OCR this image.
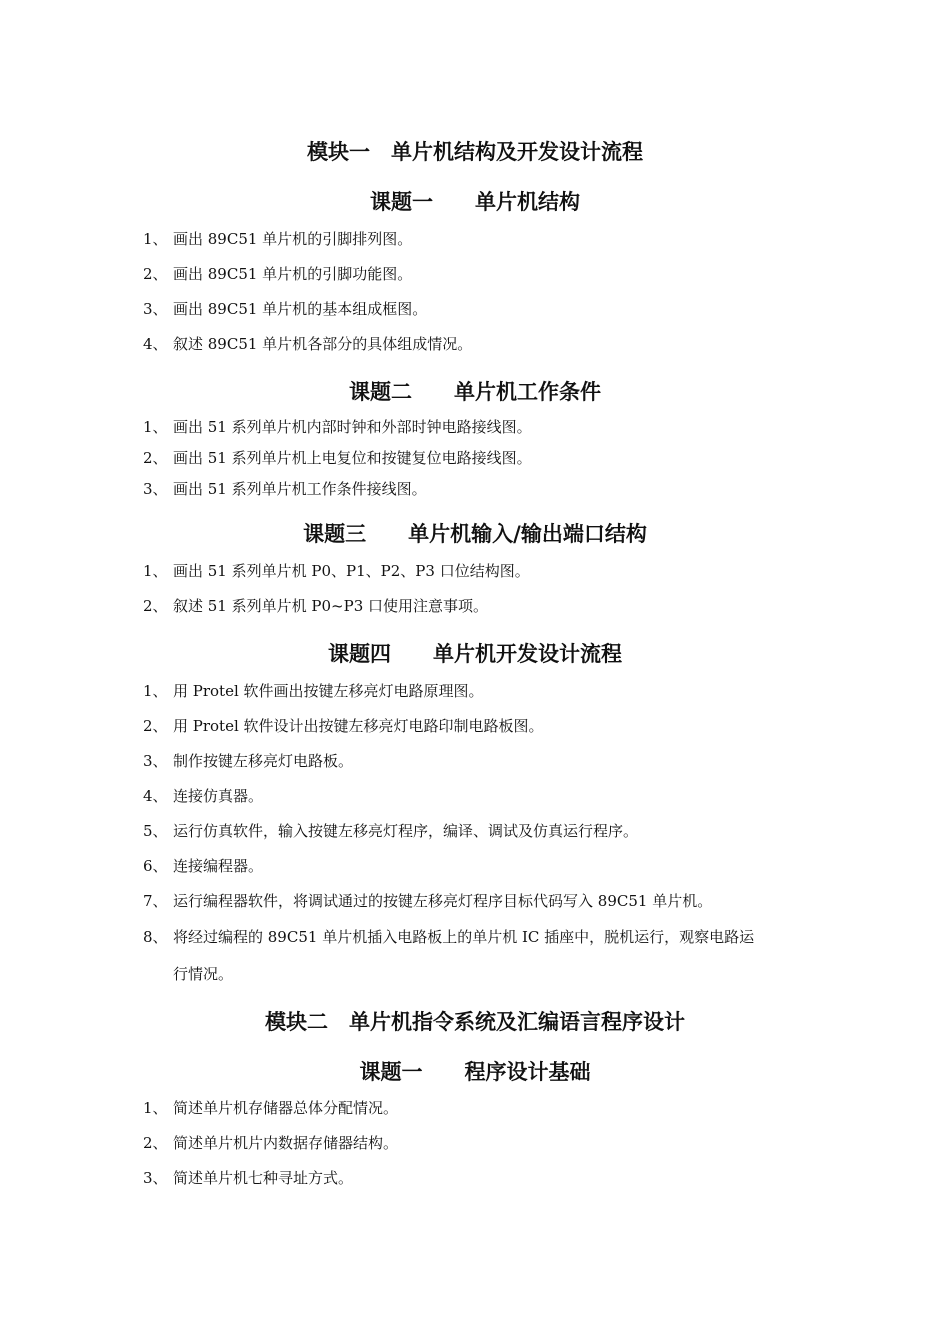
模块一　单片机结构及开发设计流程
课题一　　单片机结构
1、 画出 89C51 单片机的引脚排列图。
2、 画出 89C51 单片机的引脚功能图。
3、 画出 89C51 单片机的基本组成框图。
4、 叙述 89C51 单片机各部分的具体组成情况。
课题二　　单片机工作条件
1、 画出 51 系列单片机内部时钟和外部时钟电路接线图。
2、 画出 51 系列单片机上电复位和按键复位电路接线图。
3、 画出 51 系列单片机工作条件接线图。
课题三　　单片机输入/输出端口结构
1、 画出 51 系列单片机 P0、P1、P2、P3 口位结构图。
2、 叙述 51 系列单片机 P0~P3 口使用注意事项。
课题四　　单片机开发设计流程
1、 用 Protel 软件画出按键左移亮灯电路原理图。
2、 用 Protel 软件设计出按键左移亮灯电路印制电路板图。
3、 制作按键左移亮灯电路板。
4、 连接仿真器。
5、 运行仿真软件，输入按键左移亮灯程序，编译、调试及仿真运行程序。
6、 连接编程器。
7、 运行编程器软件，将调试通过的按键左移亮灯程序目标代码写入 89C51 单片机。
8、 将经过编程的 89C51 单片机插入电路板上的单片机 IC 插座中，脱机运行，观察电路运
行情况。
模块二　单片机指令系统及汇编语言程序设计
课题一　　程序设计基础
1、 简述单片机存储器总体分配情况。
2、 简述单片机片内数据存储器结构。
3、 简述单片机七种寻址方式。
